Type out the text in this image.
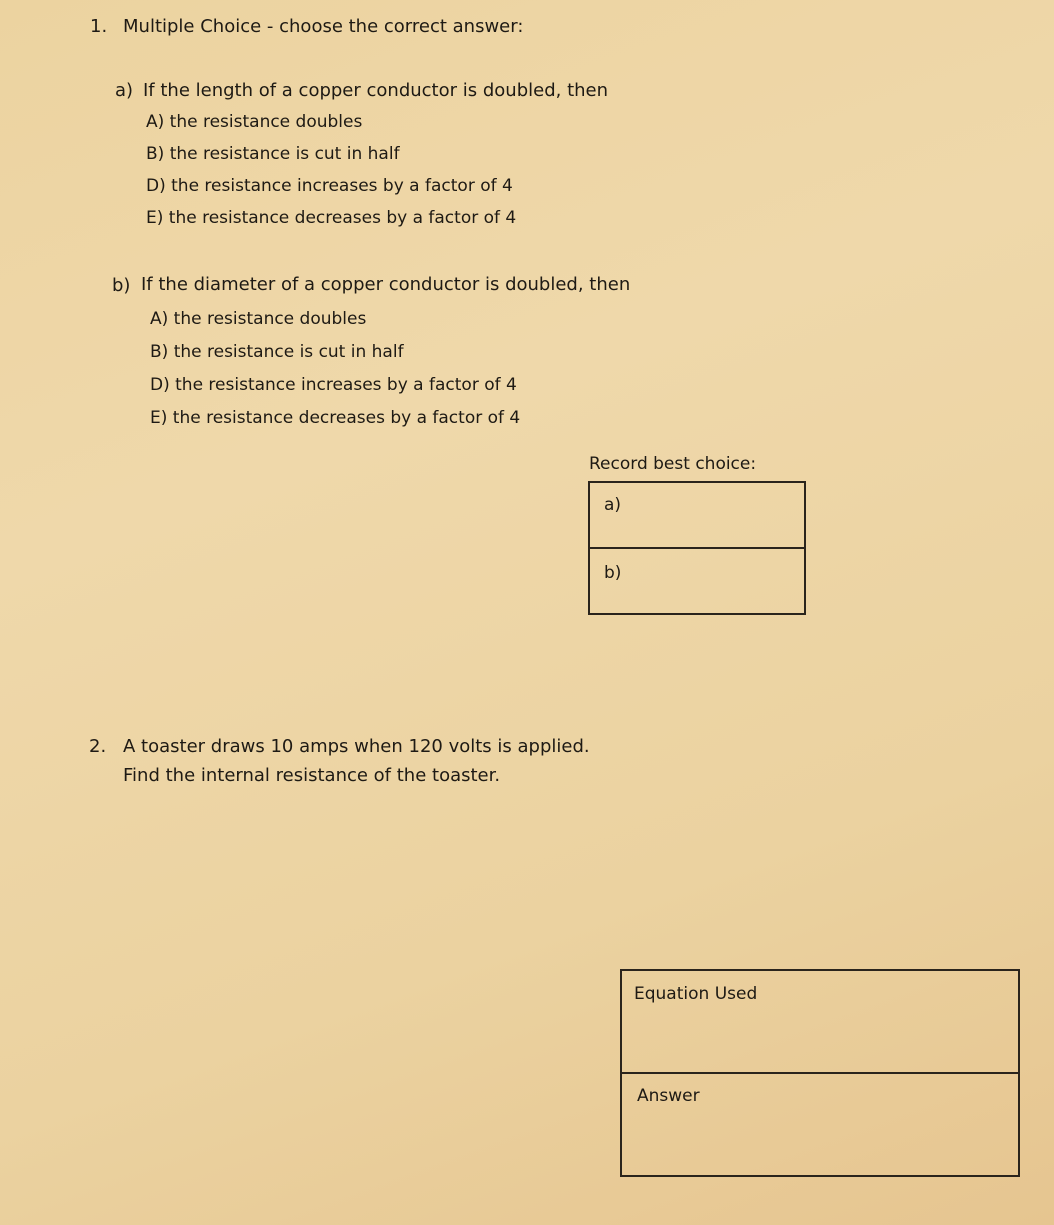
1. Multiple Choice - choose the correct answer:
a) If the length of a copper conductor is doubled, then
A) the resistance doubles
B) the resistance is cut in half
D) the resistance increases by a factor of 4
E) the resistance decreases by a factor of 4
b) If the diameter of a copper conductor is doubled, then
A) the resistance doubles
B) the resistance is cut in half
D) the resistance increases by a factor of 4
E) the resistance decreases by a factor of 4
Record best choice:
a)
b)
2. A toaster draws 10 amps when 120 volts is applied.
Find the internal resistance of the toaster.
Equation Used
Answer
